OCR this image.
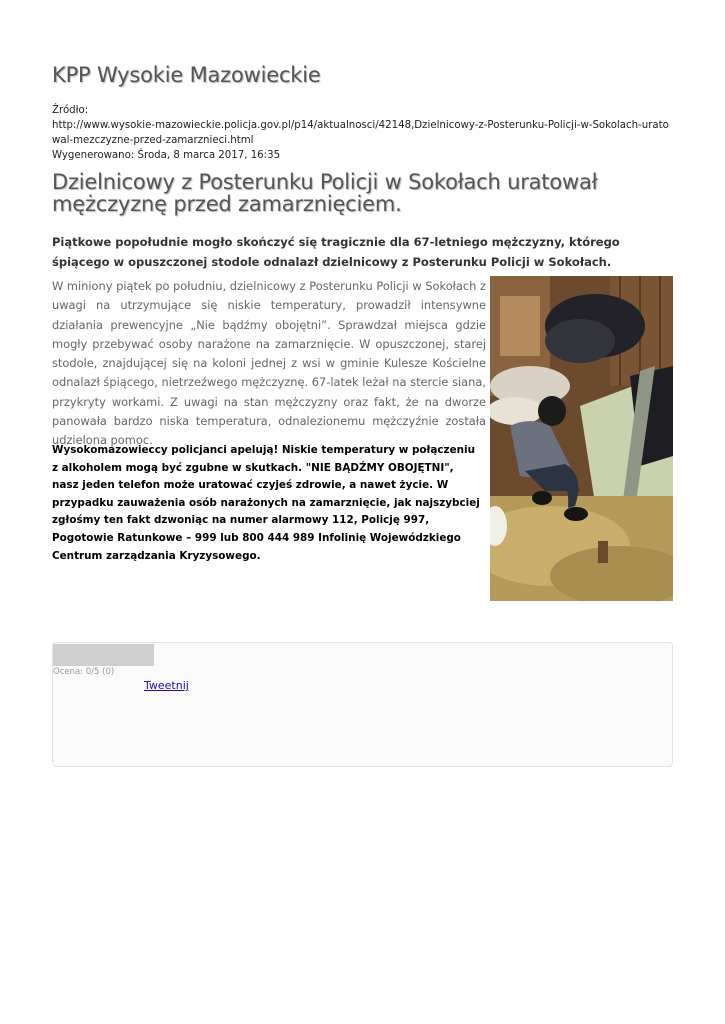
KPP Wysokie Mazowieckie
Źródło:
http://www.wysokie-mazowieckie.policja.gov.pl/p14/aktualnosci/42148,Dzielnicowy-z-Posterunku-Policji-w-Sokolach-uratowal-mezczyzne-przed-zamarznieci.html
Wygenerowano: Środa, 8 marca 2017, 16:35
Dzielnicowy z Posterunku Policji w Sokołach uratował mężczyznę przed zamarznięciem.

Piątkowe popołudnie mogło skończyć się tragicznie dla 67-letniego mężczyzny, którego śpiącego w opuszczonej stodole odnalazł dzielnicowy z Posterunku Policji w Sokołach.

W miniony piątek po południu, dzielnicowy z Posterunku Policji w Sokołach z uwagi na utrzymujące się niskie temperatury, prowadził intensywne działania prewencyjne „Nie bądźmy obojętni”. Sprawdzał miejsca gdzie mogły przebywać osoby narażone na zamarznięcie. W opuszczonej, starej stodole, znajdującej się na koloni jednej z wsi w gminie Kulesze Kościelne odnalazł śpiącego, nietrzeźwego mężczyznę. 67-latek leżał na stercie siana, przykryty workami. Z uwagi na stan mężczyzny oraz fakt, że na dworze panowała bardzo niska temperatura, odnalezionemu mężczyźnie została udzielona pomoc.

Wysokomazowieccy policjanci apelują! Niskie temperatury w połączeniu z alkoholem mogą być zgubne w skutkach. "NIE BĄDŹMY OBOJĘTNI", nasz jeden telefon może uratować czyjeś zdrowie, a nawet życie. W przypadku zauważenia osób narażonych na zamarznięcie, jak najszybciej zgłośmy ten fakt dzwoniąc na numer alarmowy 112, Policję 997, Pogotowie Ratunkowe – 999 lub 800 444 989 Infolinię Wojewódzkiego Centrum zarządzania Kryzysowego.

Ocena: 0/5 (0)
Tweetnij
